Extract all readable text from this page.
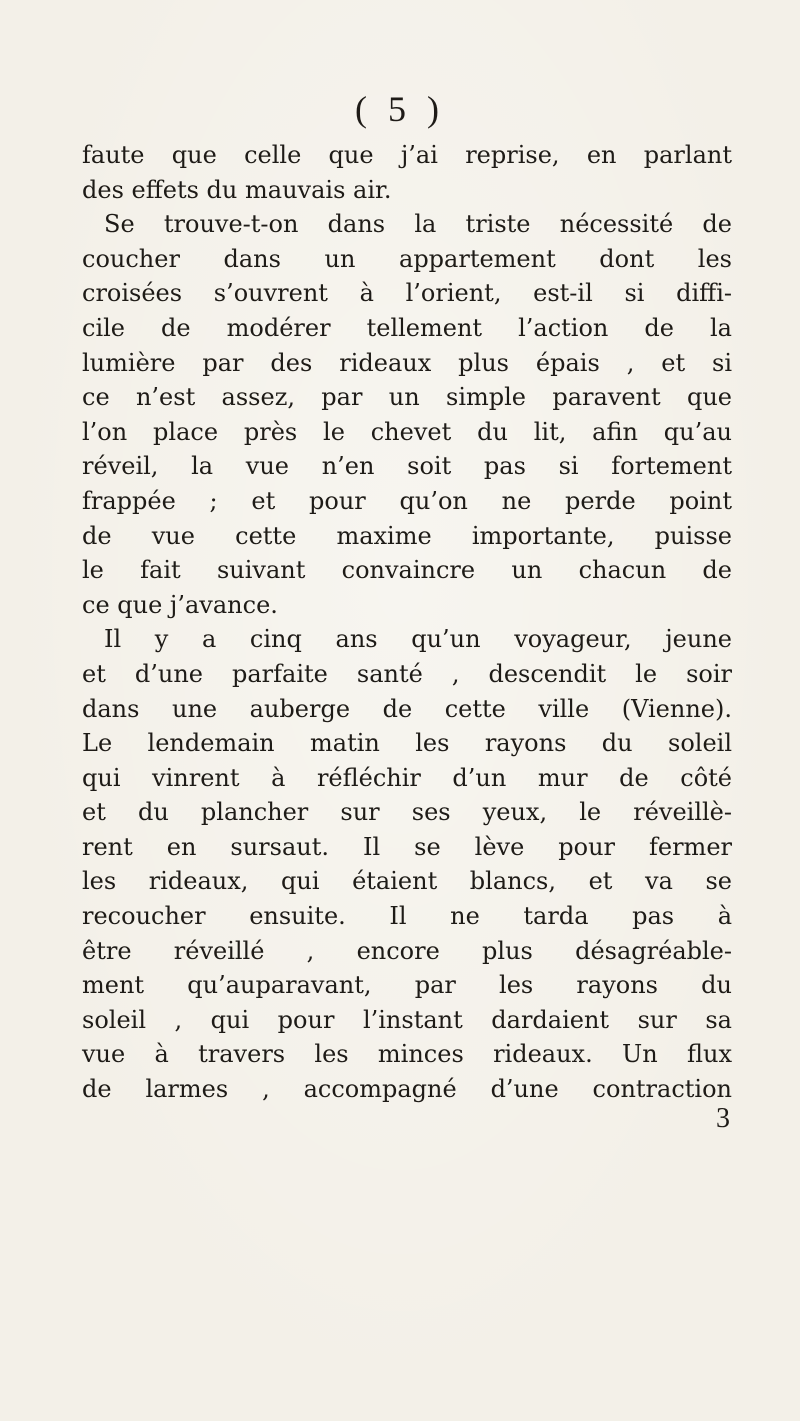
( 5 )
faute que celle que j’ai reprise, en parlant
des effets du mauvais air.
Se trouve-t-on dans la triste nécessité de
coucher dans un appartement dont les
croisées s’ouvrent à l’orient, est-il si diffi-
cile de modérer tellement l’action de la
lumière par des rideaux plus épais , et si
ce n’est assez, par un simple paravent que
l’on place près le chevet du lit, afin qu’au
réveil, la vue n’en soit pas si fortement
frappée ; et pour qu’on ne perde point
de vue cette maxime importante, puisse
le fait suivant convaincre un chacun de
ce que j’avance.
Il y a cinq ans qu’un voyageur, jeune
et d’une parfaite santé , descendit le soir
dans une auberge de cette ville (Vienne).
Le lendemain matin les rayons du soleil
qui vinrent à réfléchir d’un mur de côté
et du plancher sur ses yeux, le réveillè-
rent en sursaut. Il se lève pour fermer
les rideaux, qui étaient blancs, et va se
recoucher ensuite. Il ne tarda pas à
être réveillé , encore plus désagréable-
ment qu’auparavant, par les rayons du
soleil , qui pour l’instant dardaient sur sa
vue à travers les minces rideaux. Un flux
de larmes , accompagné d’une contraction
3
